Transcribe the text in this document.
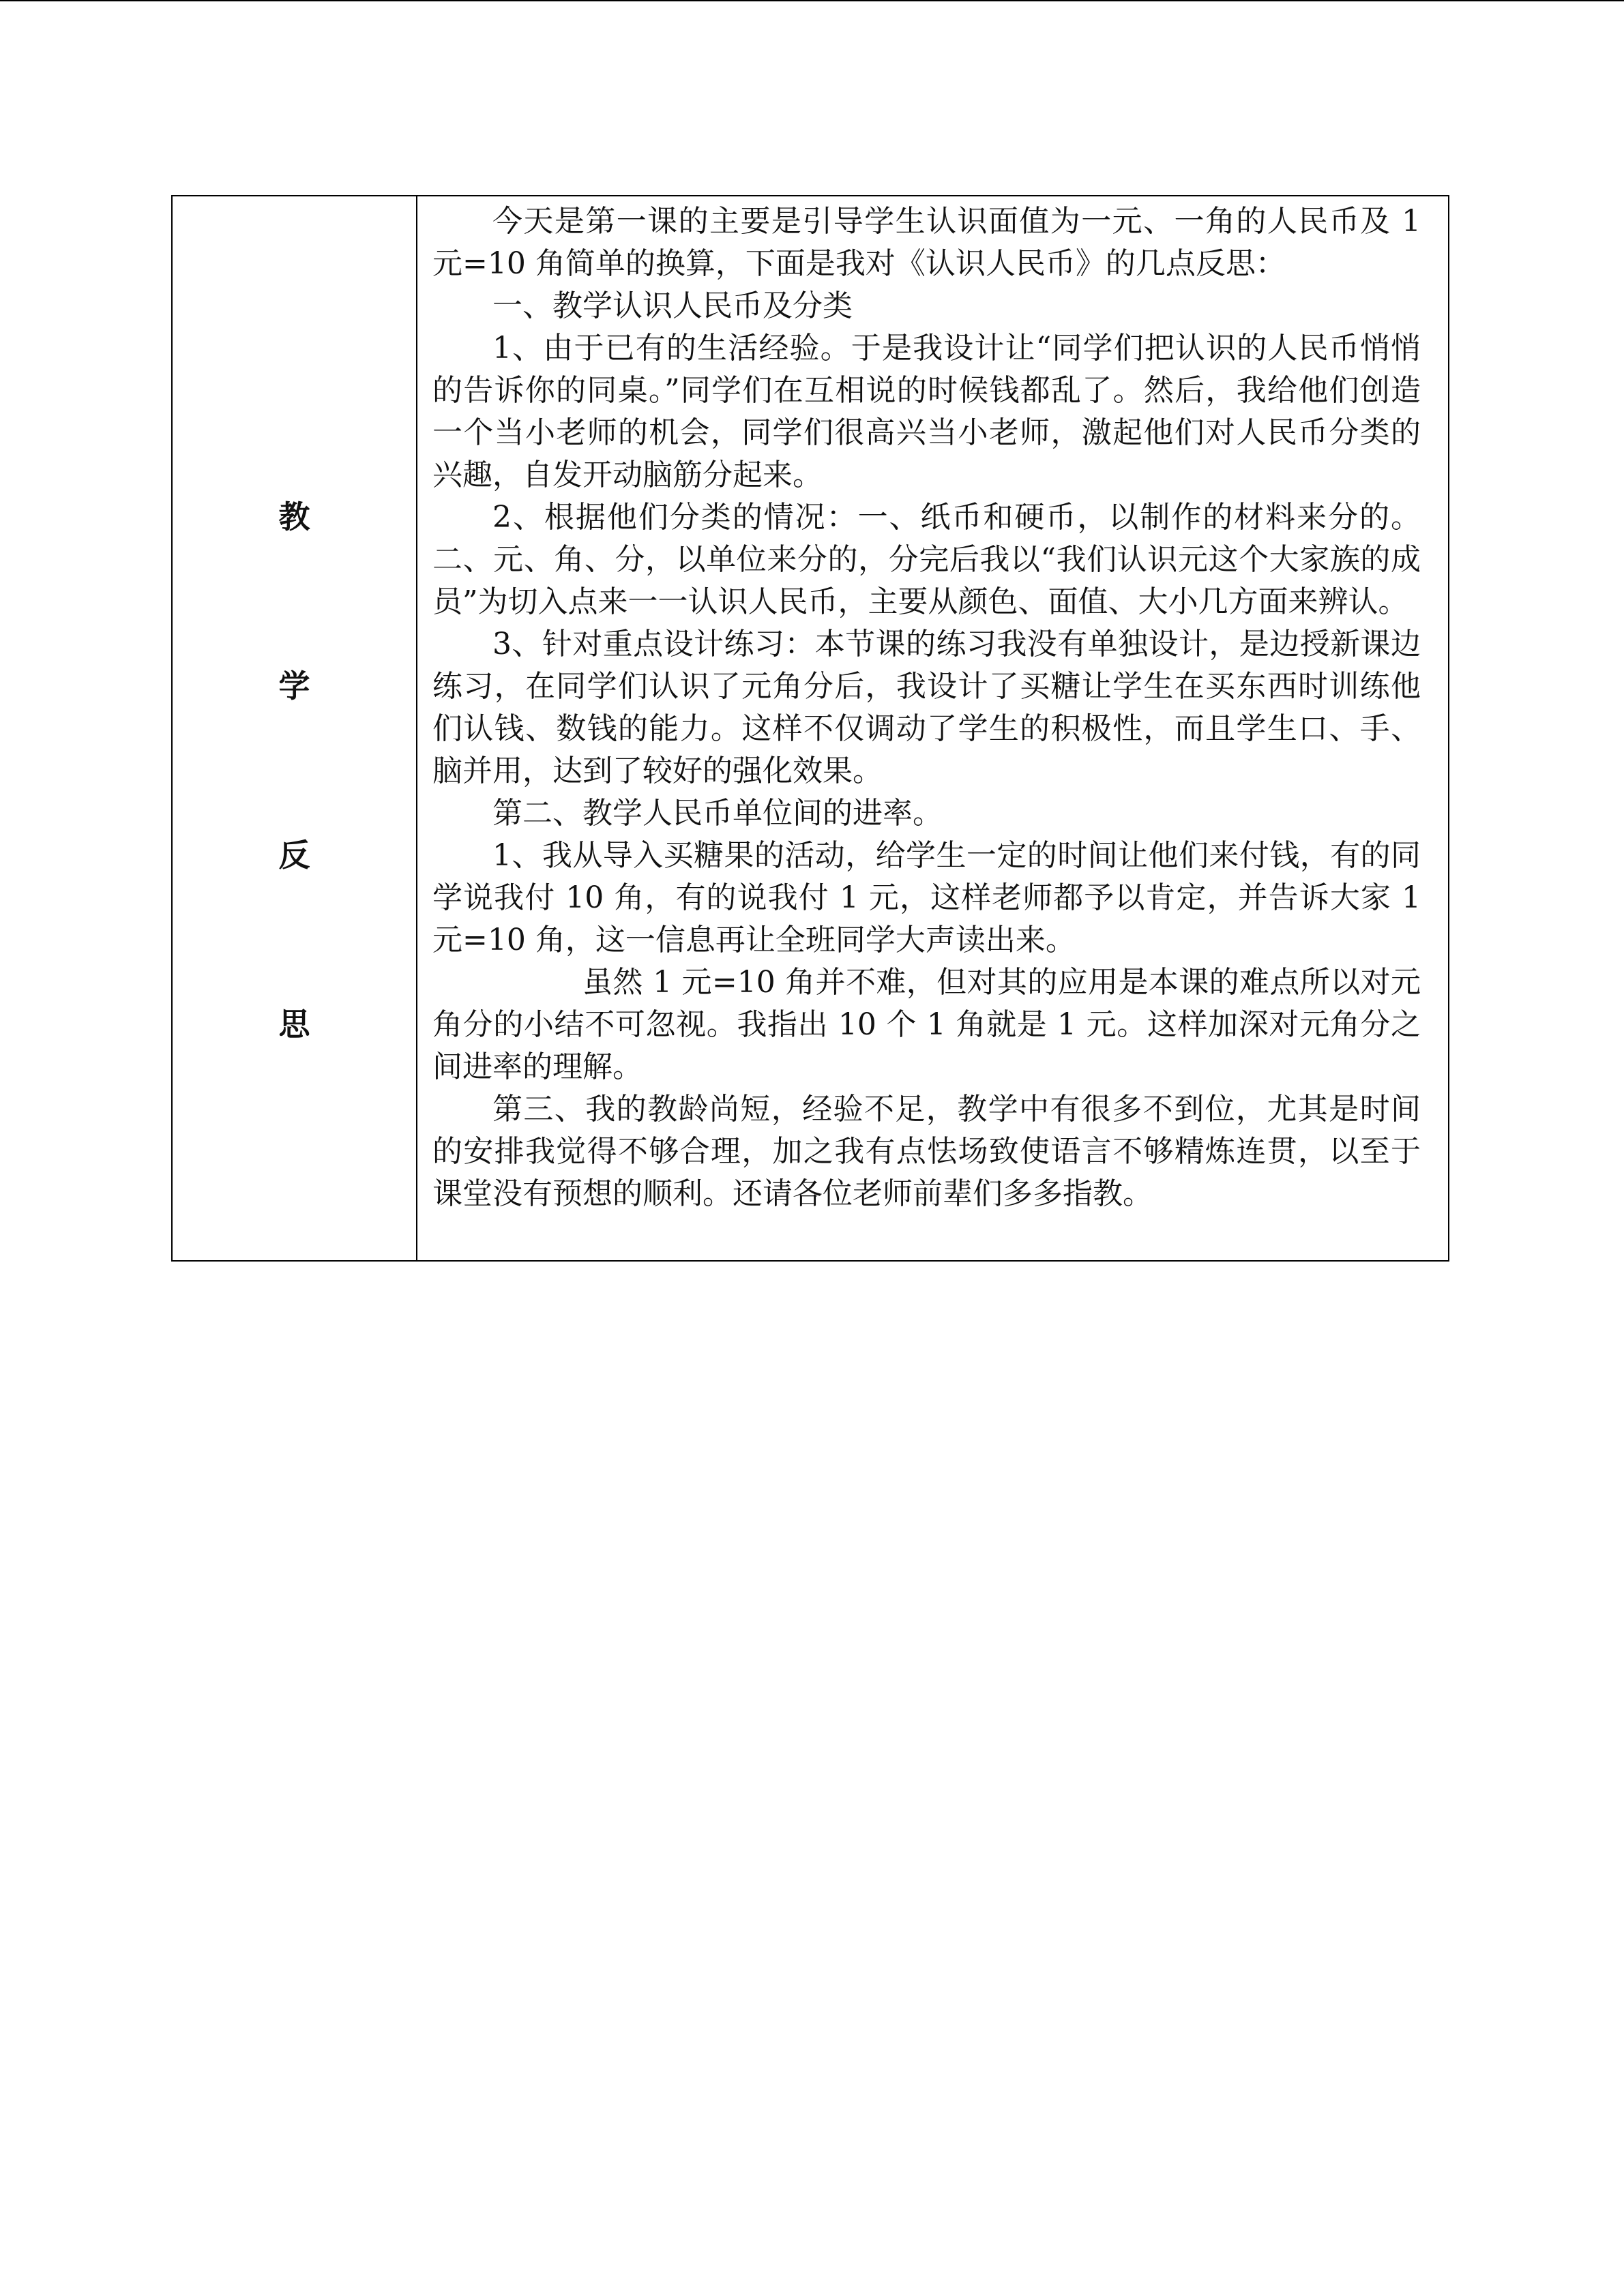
教
学
反
思

今天是第一课的主要是引导学生认识面值为一元、一角的人民币及 1 元=10 角简单的换算，下面是我对《认识人民币》的几点反思：

一、教学认识人民币及分类

1、由于已有的生活经验。于是我设计让“同学们把认识的人民币悄悄的告诉你的同桌。”同学们在互相说的时候钱都乱了。然后，我给他们创造一个当小老师的机会，同学们很高兴当小老师，激起他们对人民币分类的兴趣，自发开动脑筋分起来。

2、根据他们分类的情况：一、纸币和硬币，以制作的材料来分的。二、元、角、分，以单位来分的，分完后我以“我们认识元这个大家族的成员”为切入点来一一认识人民币，主要从颜色、面值、大小几方面来辨认。

3、针对重点设计练习：本节课的练习我没有单独设计，是边授新课边练习，在同学们认识了元角分后，我设计了买糖让学生在买东西时训练他们认钱、数钱的能力。这样不仅调动了学生的积极性，而且学生口、手、脑并用，达到了较好的强化效果。

第二、教学人民币单位间的进率。

1、我从导入买糖果的活动，给学生一定的时间让他们来付钱，有的同学说我付 10 角，有的说我付 1 元，这样老师都予以肯定，并告诉大家 1 元=10 角，这一信息再让全班同学大声读出来。

虽然 1 元=10 角并不难，但对其的应用是本课的难点所以对元角分的小结不可忽视。我指出 10 个 1 角就是 1 元。这样加深对元角分之间进率的理解。

第三、我的教龄尚短，经验不足，教学中有很多不到位，尤其是时间的安排我觉得不够合理，加之我有点怯场致使语言不够精炼连贯，以至于课堂没有预想的顺利。还请各位老师前辈们多多指教。
